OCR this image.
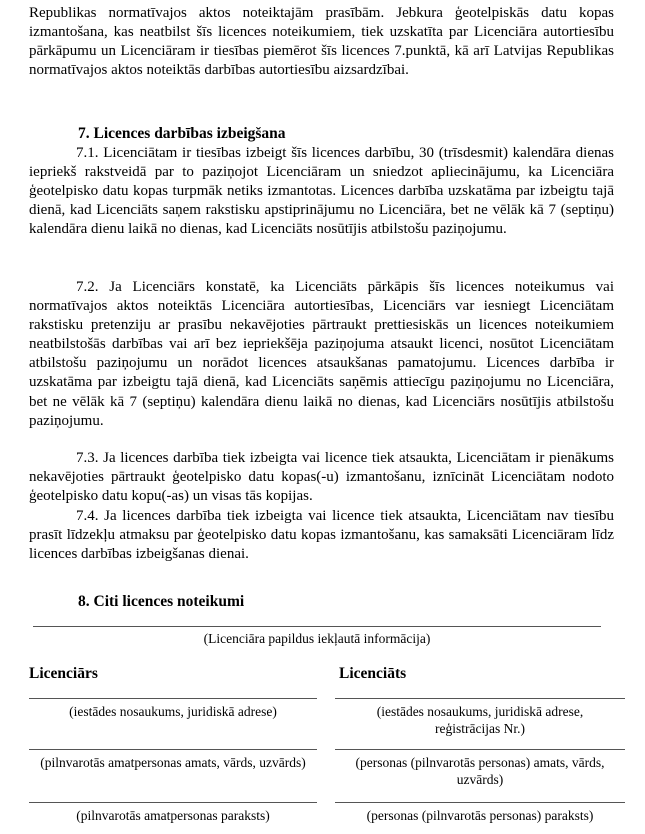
Republikas normatīvajos aktos noteiktajām prasībām. Jebkura ģeotelpiskās datu kopas izmantošana, kas neatbilst šīs licences noteikumiem, tiek uzskatīta par Licenciāra autortiesību pārkāpumu un Licenciāram ir tiesības piemērot šīs licences 7.punktā, kā arī Latvijas Republikas normatīvajos aktos noteiktās darbības autortiesību aizsardzībai.

7. Licences darbības izbeigšana

7.1. Licenciātam ir tiesības izbeigt šīs licences darbību, 30 (trīsdesmit) kalendāra dienas iepriekš rakstveidā par to paziņojot Licenciāram un sniedzot apliecinājumu, ka Licenciāra ģeotelpisko datu kopas turpmāk netiks izmantotas. Licences darbība uzskatāma par izbeigtu tajā dienā, kad Licenciāts saņem rakstisku apstiprinājumu no Licenciāra, bet ne vēlāk kā 7 (septiņu) kalendāra dienu laikā no dienas, kad Licenciāts nosūtījis atbilstošu paziņojumu.

7.2. Ja Licenciārs konstatē, ka Licenciāts pārkāpis šīs licences noteikumus vai normatīvajos aktos noteiktās Licenciāra autortiesības, Licenciārs var iesniegt Licenciātam rakstisku pretenziju ar prasību nekavējoties pārtraukt prettiesiskās un licences noteikumiem neatbilstošās darbības vai arī bez iepriekšēja paziņojuma atsaukt licenci, nosūtot Licenciātam atbilstošu paziņojumu un norādot licences atsaukšanas pamatojumu. Licences darbība ir uzskatāma par izbeigtu tajā dienā, kad Licenciāts saņēmis attiecīgu paziņojumu no Licenciāra, bet ne vēlāk kā 7 (septiņu) kalendāra dienu laikā no dienas, kad Licenciārs nosūtījis atbilstošu paziņojumu.

7.3. Ja licences darbība tiek izbeigta vai licence tiek atsaukta, Licenciātam ir pienākums nekavējoties pārtraukt ģeotelpisko datu kopas(-u) izmantošanu, iznīcināt Licenciātam nodoto ģeotelpisko datu kopu(-as) un visas tās kopijas.

7.4. Ja licences darbība tiek izbeigta vai licence tiek atsaukta, Licenciātam nav tiesību prasīt līdzekļu atmaksu par ģeotelpisko datu kopas izmantošanu, kas samaksāti Licenciāram līdz licences darbības izbeigšanas dienai.

8. Citi licences noteikumi

(Licenciāra papildus iekļautā informācija)

Licenciārs	Licenciāts

(iestādes nosaukums, juridiskā adrese)	(iestādes nosaukums, juridiskā adrese, reģistrācijas Nr.)

(pilnvarotās amatpersonas amats, vārds, uzvārds)	(personas (pilnvarotās personas) amats, vārds, uzvārds)

(pilnvarotās amatpersonas paraksts)	(personas (pilnvarotās personas) paraksts)
